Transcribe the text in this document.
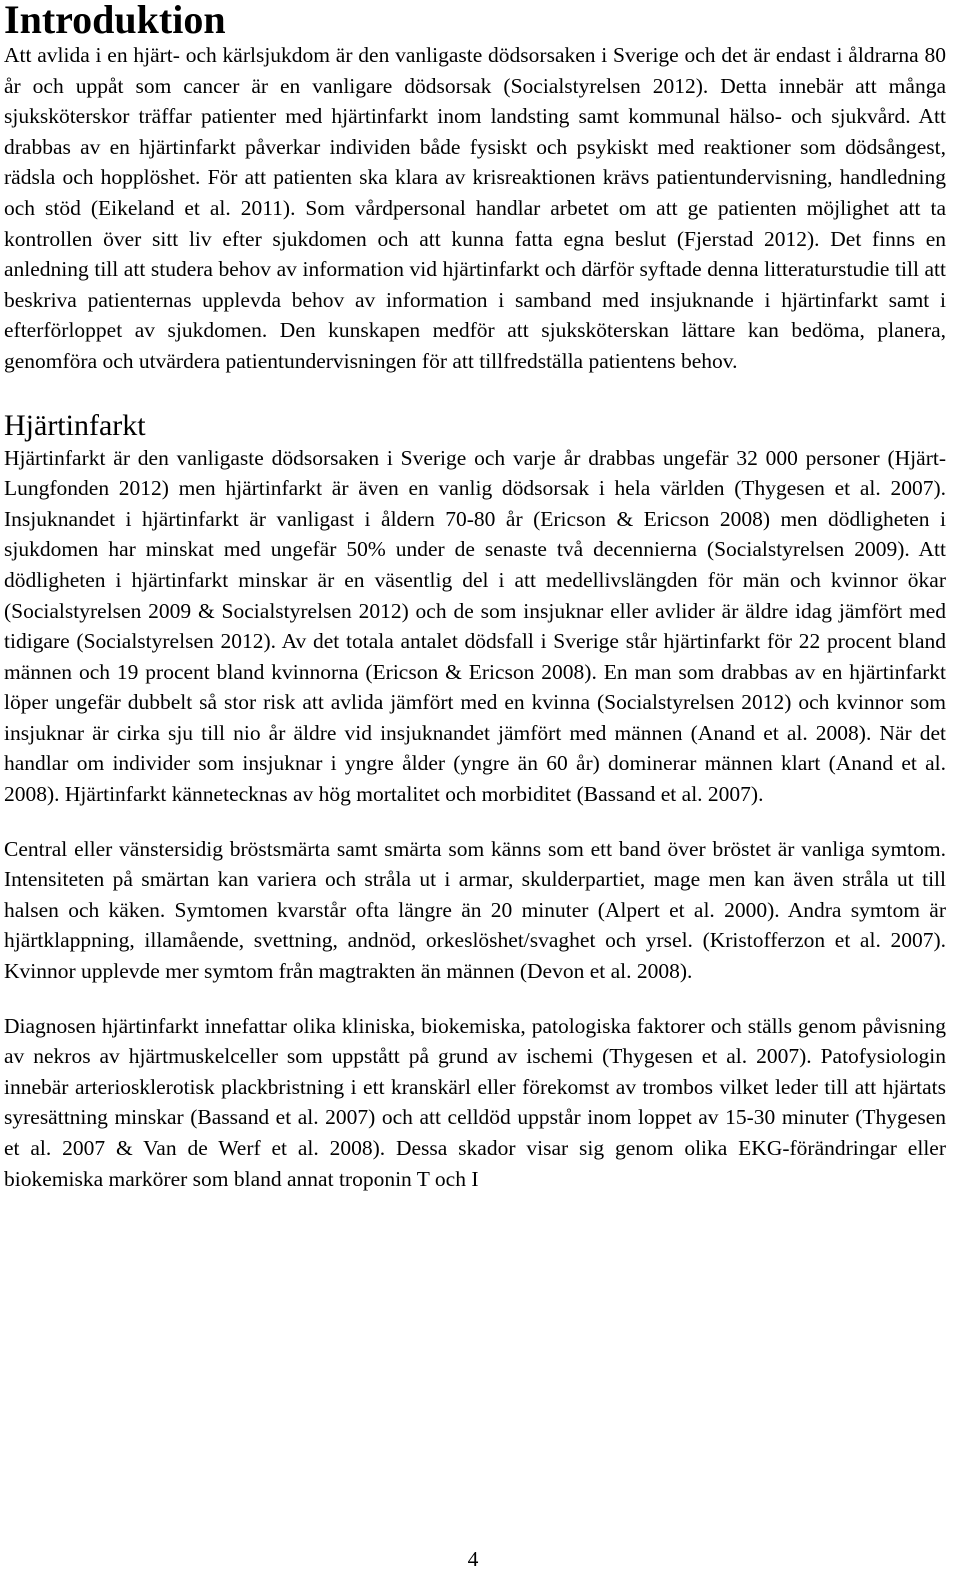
Introduktion

Att avlida i en hjärt- och kärlsjukdom är den vanligaste dödsorsaken i Sverige och det är endast i åldrarna 80 år och uppåt som cancer är en vanligare dödsorsak (Socialstyrelsen 2012). Detta innebär att många sjuksköterskor träffar patienter med hjärtinfarkt inom landsting samt kommunal hälso- och sjukvård. Att drabbas av en hjärtinfarkt påverkar individen både fysiskt och psykiskt med reaktioner som dödsångest, rädsla och hopplöshet. För att patienten ska klara av krisreaktionen krävs patientundervisning, handledning och stöd (Eikeland et al. 2011). Som vårdpersonal handlar arbetet om att ge patienten möjlighet att ta kontrollen över sitt liv efter sjukdomen och att kunna fatta egna beslut (Fjerstad 2012). Det finns en anledning till att studera behov av information vid hjärtinfarkt och därför syftade denna litteraturstudie till att beskriva patienternas upplevda behov av information i samband med insjuknande i hjärtinfarkt samt i efterförloppet av sjukdomen. Den kunskapen medför att sjuksköterskan lättare kan bedöma, planera, genomföra och utvärdera patientundervisningen för att tillfredställa patientens behov.

Hjärtinfarkt

Hjärtinfarkt är den vanligaste dödsorsaken i Sverige och varje år drabbas ungefär 32 000 personer (Hjärt- Lungfonden 2012) men hjärtinfarkt är även en vanlig dödsorsak i hela världen (Thygesen et al. 2007). Insjuknandet i hjärtinfarkt är vanligast i åldern 70-80 år (Ericson & Ericson 2008) men dödligheten i sjukdomen har minskat med ungefär 50% under de senaste två decennierna (Socialstyrelsen 2009). Att dödligheten i hjärtinfarkt minskar är en väsentlig del i att medellivslängden för män och kvinnor ökar (Socialstyrelsen 2009 & Socialstyrelsen 2012) och de som insjuknar eller avlider är äldre idag jämfört med tidigare (Socialstyrelsen 2012). Av det totala antalet dödsfall i Sverige står hjärtinfarkt för 22 procent bland männen och 19 procent bland kvinnorna (Ericson & Ericson 2008). En man som drabbas av en hjärtinfarkt löper ungefär dubbelt så stor risk att avlida jämfört med en kvinna (Socialstyrelsen 2012) och kvinnor som insjuknar är cirka sju till nio år äldre vid insjuknandet jämfört med männen (Anand et al. 2008). När det handlar om individer som insjuknar i yngre ålder (yngre än 60 år) dominerar männen klart (Anand et al. 2008). Hjärtinfarkt kännetecknas av hög mortalitet och morbiditet (Bassand et al. 2007).

Central eller vänstersidig bröstsmärta samt smärta som känns som ett band över bröstet är vanliga symtom. Intensiteten på smärtan kan variera och stråla ut i armar, skulderpartiet, mage men kan även stråla ut till halsen och käken. Symtomen kvarstår ofta längre än 20 minuter (Alpert et al. 2000). Andra symtom är hjärtklappning, illamående, svettning, andnöd, orkeslöshet/svaghet och yrsel. (Kristofferzon et al. 2007). Kvinnor upplevde mer symtom från magtrakten än männen (Devon et al. 2008).

Diagnosen hjärtinfarkt innefattar olika kliniska, biokemiska, patologiska faktorer och ställs genom påvisning av nekros av hjärtmuskelceller som uppstått på grund av ischemi (Thygesen et al. 2007). Patofysiologin innebär arteriosklerotisk plackbristning i ett kranskärl eller förekomst av trombos vilket leder till att hjärtats syresättning minskar (Bassand et al. 2007) och att celldöd uppstår inom loppet av 15-30 minuter (Thygesen et al. 2007 & Van de Werf et al. 2008). Dessa skador visar sig genom olika EKG-förändringar eller biokemiska markörer som bland annat troponin T och I

4
